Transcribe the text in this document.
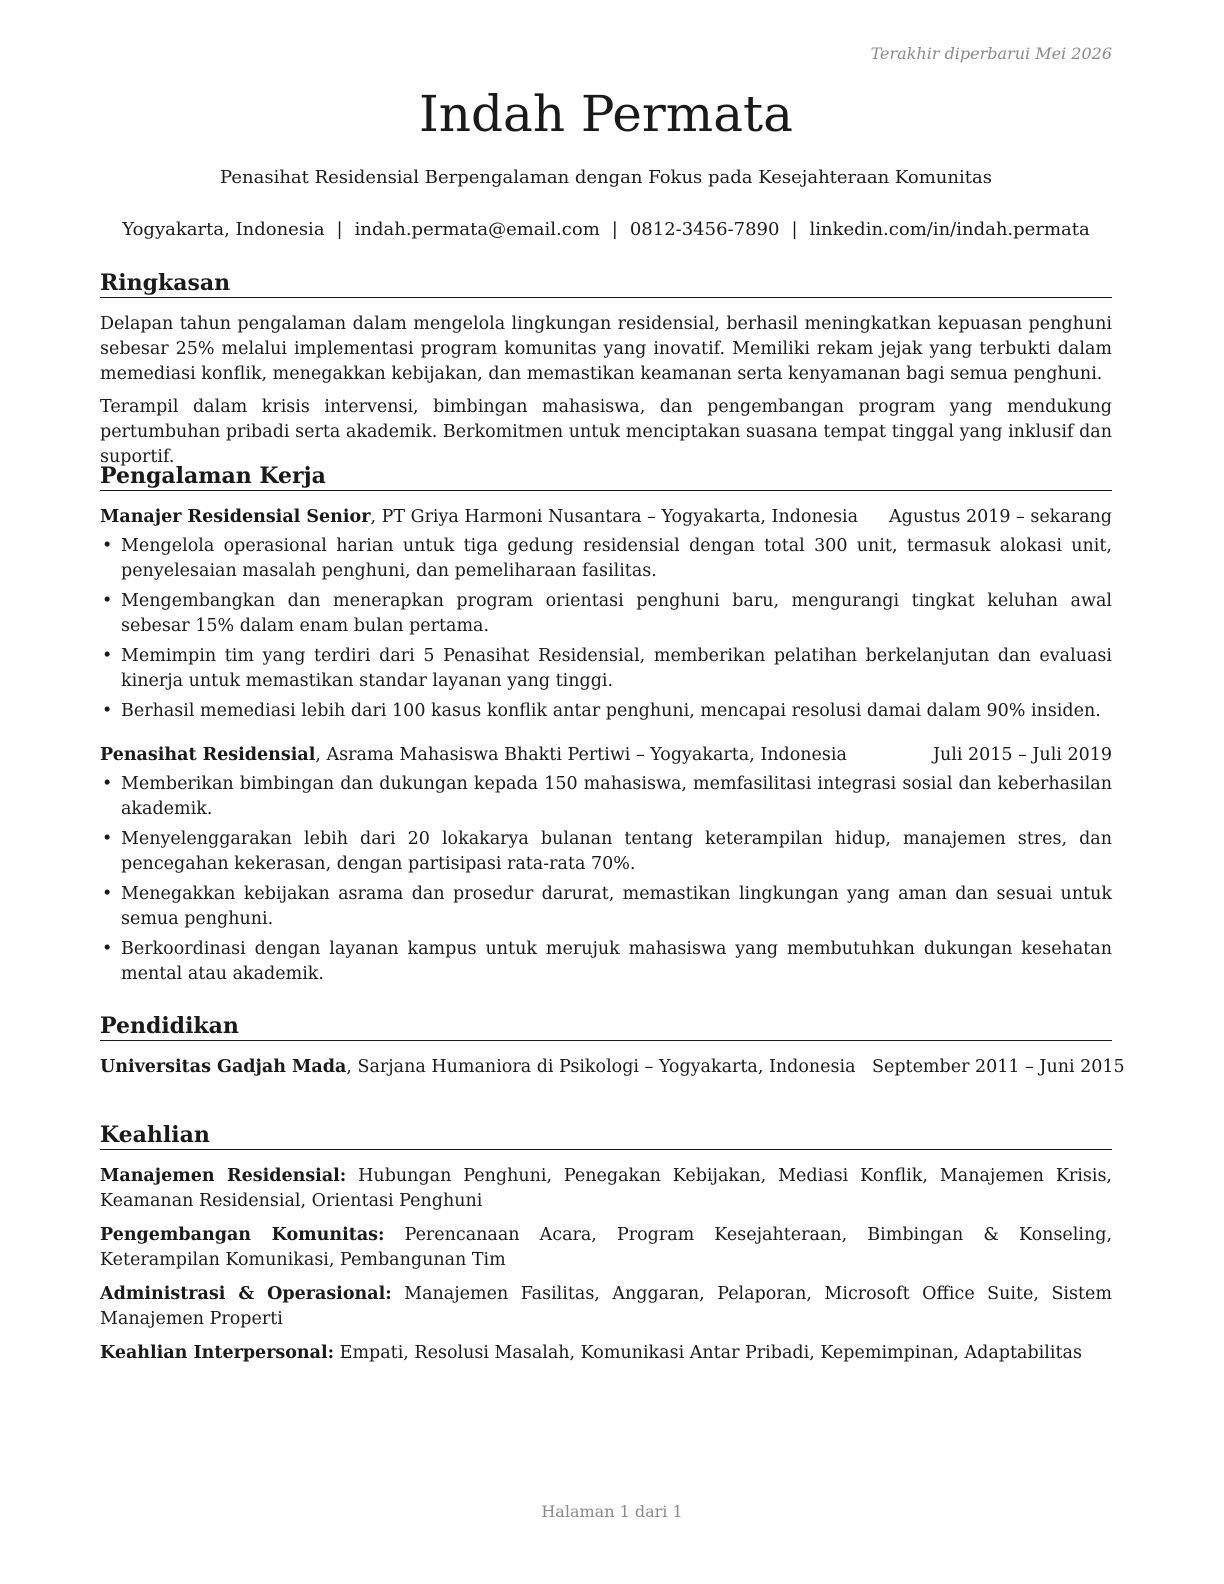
Terakhir diperbarui Mei 2026
Indah Permata
Penasihat Residensial Berpengalaman dengan Fokus pada Kesejahteraan Komunitas
Yogyakarta, Indonesia | indah.permata@email.com | 0812-3456-7890 | linkedin.com/in/indah.permata
Ringkasan

Delapan tahun pengalaman dalam mengelola lingkungan residensial, berhasil meningkatkan kepuasan penghuni sebesar 25% melalui implementasi program komunitas yang inovatif. Memiliki rekam jejak yang terbukti dalam memediasi konflik, menegakkan kebijakan, dan memastikan keamanan serta kenyamanan bagi semua penghuni.

Terampil dalam krisis intervensi, bimbingan mahasiswa, dan pengembangan program yang mendukung pertumbuhan pribadi serta akademik. Berkomitmen untuk menciptakan suasana tempat tinggal yang inklusif dan suportif.

Pengalaman Kerja
Manajer Residensial Senior, PT Griya Harmoni Nusantara – Yogyakarta, Indonesia Agustus 2019 – sekarang
• Mengelola operasional harian untuk tiga gedung residensial dengan total 300 unit, termasuk alokasi unit, penyelesaian masalah penghuni, dan pemeliharaan fasilitas.
• Mengembangkan dan menerapkan program orientasi penghuni baru, mengurangi tingkat keluhan awal sebesar 15% dalam enam bulan pertama.
• Memimpin tim yang terdiri dari 5 Penasihat Residensial, memberikan pelatihan berkelanjutan dan evaluasi kinerja untuk memastikan standar layanan yang tinggi.
• Berhasil memediasi lebih dari 100 kasus konflik antar penghuni, mencapai resolusi damai dalam 90% insiden.
Penasihat Residensial, Asrama Mahasiswa Bhakti Pertiwi – Yogyakarta, Indonesia	Juli 2015 – Juli 2019
• Memberikan bimbingan dan dukungan kepada 150 mahasiswa, memfasilitasi integrasi sosial dan keberhasilan akademik.
• Menyelenggarakan lebih dari 20 lokakarya bulanan tentang keterampilan hidup, manajemen stres, dan pencegahan kekerasan, dengan partisipasi rata-rata 70%.
• Menegakkan kebijakan asrama dan prosedur darurat, memastikan lingkungan yang aman dan sesuai untuk semua penghuni.
• Berkoordinasi dengan layanan kampus untuk merujuk mahasiswa yang membutuhkan dukungan kesehatan mental atau akademik.
Pendidikan
Universitas Gadjah Mada, Sarjana Humaniora di Psikologi – Yogyakarta, Indonesia September 2011 – Juni 2015
Keahlian

Manajemen Residensial: Hubungan Penghuni, Penegakan Kebijakan, Mediasi Konflik, Manajemen Krisis, Keamanan Residensial, Orientasi Penghuni

Pengembangan Komunitas: Perencanaan Acara, Program Kesejahteraan, Bimbingan & Konseling, Keterampilan Komunikasi, Pembangunan Tim

Administrasi & Operasional: Manajemen Fasilitas, Anggaran, Pelaporan, Microsoft Office Suite, Sistem Manajemen Properti

Keahlian Interpersonal: Empati, Resolusi Masalah, Komunikasi Antar Pribadi, Kepemimpinan, Adaptabilitas

Halaman 1 dari 1
